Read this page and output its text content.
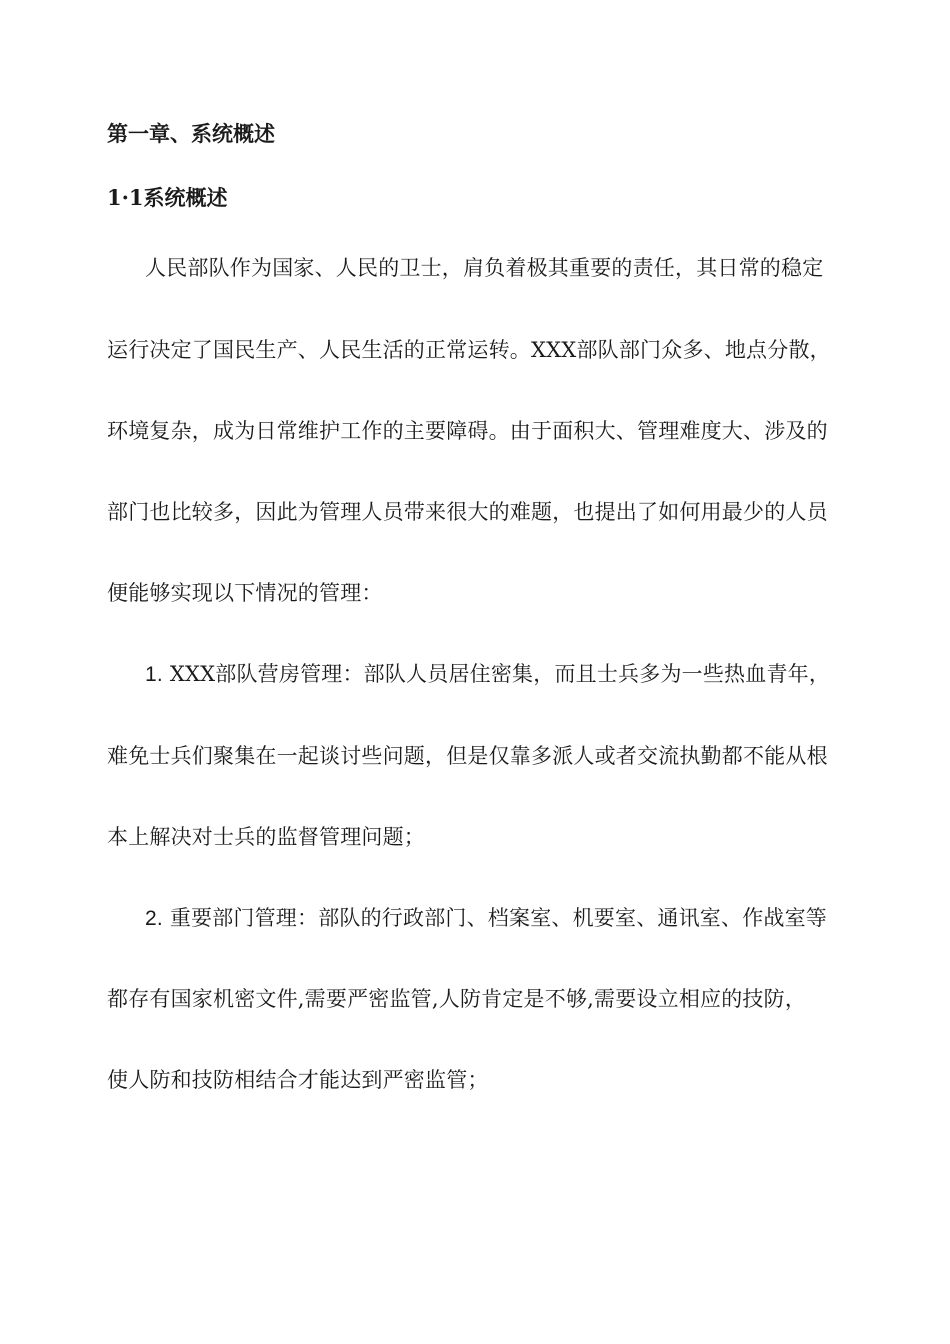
第一章、系统概述
1·1系统概述
人民部队作为国家、人民的卫士，肩负着极其重要的责任，其日常的稳定
运行决定了国民生产、人民生活的正常运转。XXX部队部门众多、地点分散，
环境复杂，成为日常维护工作的主要障碍。由于面积大、管理难度大、涉及的
部门也比较多，因此为管理人员带来很大的难题，也提出了如何用最少的人员
便能够实现以下情况的管理：
1. XXX部队营房管理：部队人员居住密集，而且士兵多为一些热血青年，
难免士兵们聚集在一起谈讨些问题，但是仅靠多派人或者交流执勤都不能从根
本上解决对士兵的监督管理问题；
2. 重要部门管理：部队的行政部门、档案室、机要室、通讯室、作战室等
都存有国家机密文件,需要严密监管,人防肯定是不够,需要设立相应的技防，
使人防和技防相结合才能达到严密监管；
